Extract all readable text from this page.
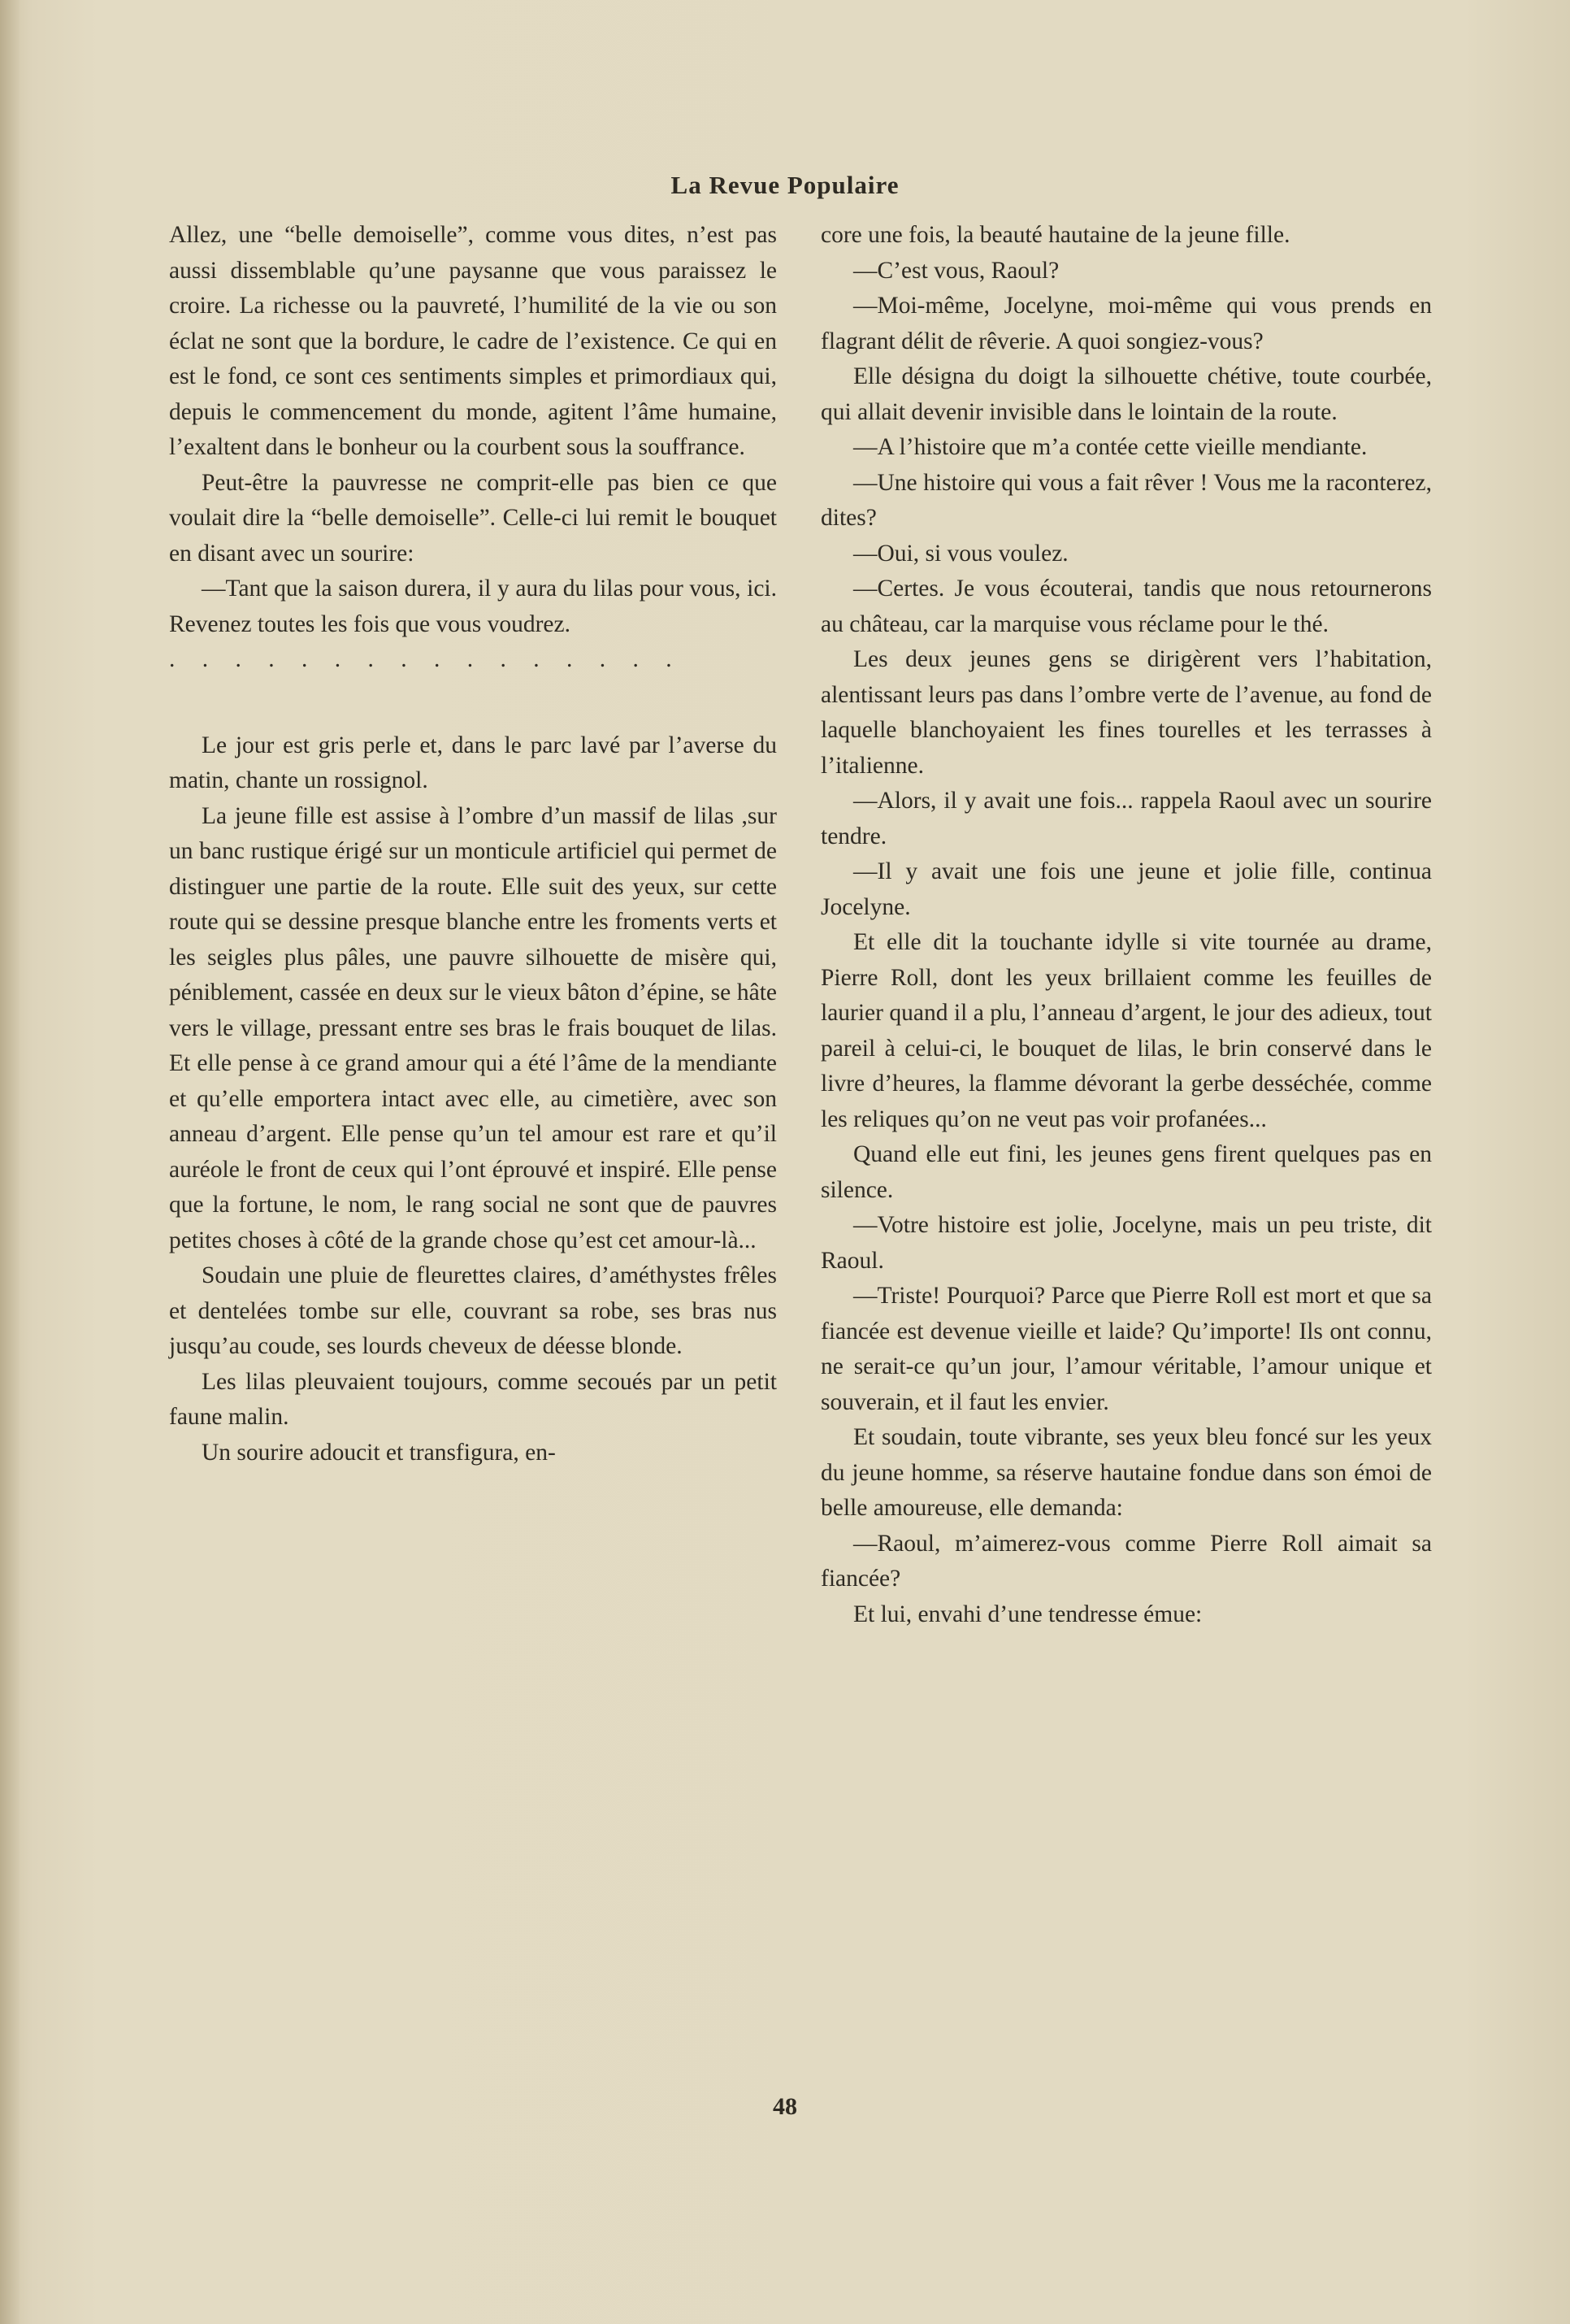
La Revue Populaire

Allez, une “belle demoiselle”, comme vous dites, n’est pas aussi dissemblable qu’une paysanne que vous paraissez le croire. La richesse ou la pauvreté, l’humilité de la vie ou son éclat ne sont que la bordure, le cadre de l’existence. Ce qui en est le fond, ce sont ces sentiments simples et primordiaux qui, depuis le commencement du monde, agitent l’âme humaine, l’exaltent dans le bonheur ou la courbent sous la souffrance.

Peut-être la pauvresse ne comprit-elle pas bien ce que voulait dire la “belle demoiselle”. Celle-ci lui remit le bouquet en disant avec un sourire:

—Tant que la saison durera, il y aura du lilas pour vous, ici. Revenez toutes les fois que vous voudrez.

. . . . . . . . . . . . . . . .

Le jour est gris perle et, dans le parc lavé par l’averse du matin, chante un rossignol.

La jeune fille est assise à l’ombre d’un massif de lilas ,sur un banc rustique érigé sur un monticule artificiel qui permet de distinguer une partie de la route. Elle suit des yeux, sur cette route qui se dessine presque blanche entre les froments verts et les seigles plus pâles, une pauvre silhouette de misère qui, péniblement, cassée en deux sur le vieux bâton d’épine, se hâte vers le village, pressant entre ses bras le frais bouquet de lilas. Et elle pense à ce grand amour qui a été l’âme de la mendiante et qu’elle emportera intact avec elle, au cimetière, avec son anneau d’argent. Elle pense qu’un tel amour est rare et qu’il auréole le front de ceux qui l’ont éprouvé et inspiré. Elle pense que la fortune, le nom, le rang social ne sont que de pauvres petites choses à côté de la grande chose qu’est cet amour-là...

Soudain une pluie de fleurettes claires, d’améthystes frêles et dentelées tombe sur elle, couvrant sa robe, ses bras nus jusqu’au coude, ses lourds cheveux de déesse blonde.

Les lilas pleuvaient toujours, comme secoués par un petit faune malin.

Un sourire adoucit et transfigura, en-

core une fois, la beauté hautaine de la jeune fille.

—C’est vous, Raoul?

—Moi-même, Jocelyne, moi-même qui vous prends en flagrant délit de rêverie. A quoi songiez-vous?

Elle désigna du doigt la silhouette chétive, toute courbée, qui allait devenir invisible dans le lointain de la route.

—A l’histoire que m’a contée cette vieille mendiante.

—Une histoire qui vous a fait rêver ! Vous me la raconterez, dites?

—Oui, si vous voulez.

—Certes. Je vous écouterai, tandis que nous retournerons au château, car la marquise vous réclame pour le thé.

Les deux jeunes gens se dirigèrent vers l’habitation, alentissant leurs pas dans l’ombre verte de l’avenue, au fond de laquelle blanchoyaient les fines tourelles et les terrasses à l’italienne.

—Alors, il y avait une fois... rappela Raoul avec un sourire tendre.

—Il y avait une fois une jeune et jolie fille, continua Jocelyne.

Et elle dit la touchante idylle si vite tournée au drame, Pierre Roll, dont les yeux brillaient comme les feuilles de laurier quand il a plu, l’anneau d’argent, le jour des adieux, tout pareil à celui-ci, le bouquet de lilas, le brin conservé dans le livre d’heures, la flamme dévorant la gerbe desséchée, comme les reliques qu’on ne veut pas voir profanées...

Quand elle eut fini, les jeunes gens firent quelques pas en silence.

—Votre histoire est jolie, Jocelyne, mais un peu triste, dit Raoul.

—Triste! Pourquoi? Parce que Pierre Roll est mort et que sa fiancée est devenue vieille et laide? Qu’importe! Ils ont connu, ne serait-ce qu’un jour, l’amour véritable, l’amour unique et souverain, et il faut les envier.

Et soudain, toute vibrante, ses yeux bleu foncé sur les yeux du jeune homme, sa réserve hautaine fondue dans son émoi de belle amoureuse, elle demanda:

—Raoul, m’aimerez-vous comme Pierre Roll aimait sa fiancée?

Et lui, envahi d’une tendresse émue:

48
